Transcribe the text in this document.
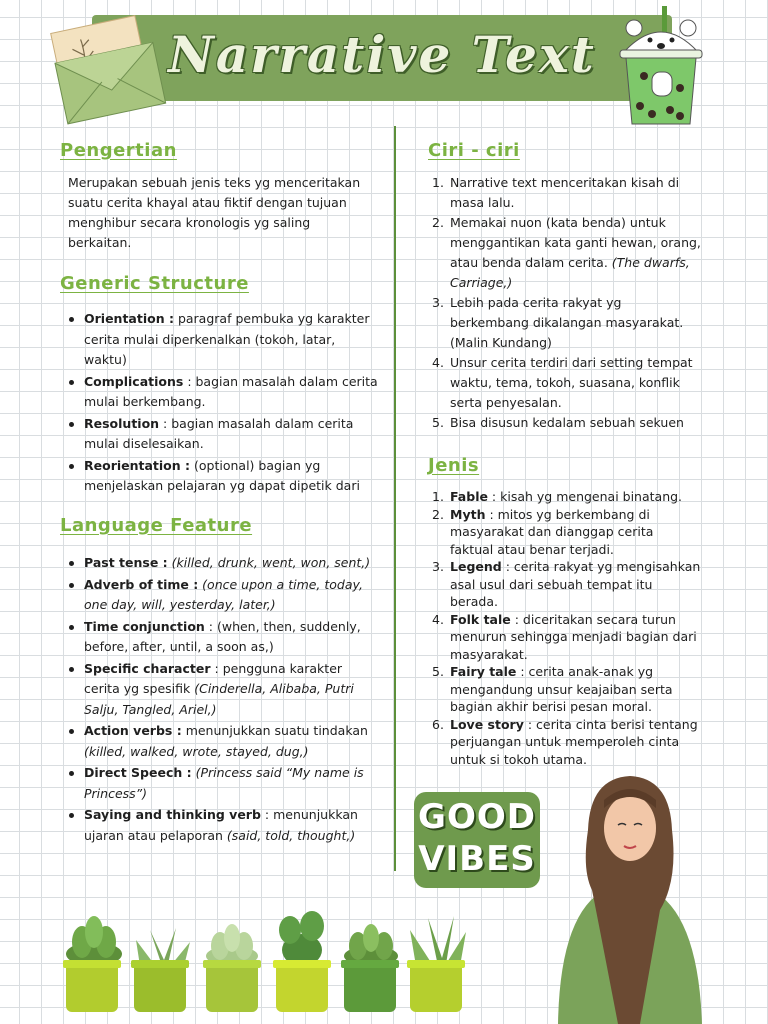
Narrative Text
Pengertian
Merupakan sebuah jenis teks yg menceritakan
suatu cerita khayal atau fiktif dengan tujuan
menghibur secara kronologis yg saling
berkaitan.
Generic Structure
Orientation : paragraf pembuka yg karakter
cerita mulai diperkenalkan (tokoh, latar,
waktu)
Complications : bagian masalah dalam cerita
mulai berkembang.
Resolution : bagian masalah dalam cerita
mulai diselesaikan.
Reorientation : (optional) bagian yg
menjelaskan pelajaran yg dapat dipetik dari
Language Feature
Past tense : (killed, drunk, went, won, sent,)
Adverb of time : (once upon a time, today,
one day, will, yesterday, later,)
Time conjunction : (when, then, suddenly,
before, after, until, a soon as,)
Specific character : pengguna karakter
cerita yg spesifik (Cinderella, Alibaba, Putri
Salju, Tangled, Ariel,)
Action verbs : menunjukkan suatu tindakan
(killed, walked, wrote, stayed, dug,)
Direct Speech : (Princess said “My name is
Princess”)
Saying and thinking verb : menunjukkan
ujaran atau pelaporan (said, told, thought,)
Ciri - ciri
1. Narrative text menceritakan kisah di
masa lalu.
2. Memakai nuon (kata benda) untuk
menggantikan kata ganti hewan, orang,
atau benda dalam cerita. (The dwarfs,
Carriage,)
3. Lebih pada cerita rakyat yg
berkembang dikalangan masyarakat.
(Malin Kundang)
4. Unsur cerita terdiri dari setting tempat
waktu, tema, tokoh, suasana, konflik
serta penyesalan.
5. Bisa disusun kedalam sebuah sekuen
Jenis
1. Fable : kisah yg mengenai binatang.
2. Myth : mitos yg berkembang di
masyarakat dan dianggap cerita
faktual atau benar terjadi.
3. Legend : cerita rakyat yg mengisahkan
asal usul dari sebuah tempat itu
berada.
4. Folk tale : diceritakan secara turun
menurun sehingga menjadi bagian dari
masyarakat.
5. Fairy tale : cerita anak-anak yg
mengandung unsur keajaiban serta
bagian akhir berisi pesan moral.
6. Love story : cerita cinta berisi tentang
perjuangan untuk memperoleh cinta
untuk si tokoh utama.
GOOD
VIBES
